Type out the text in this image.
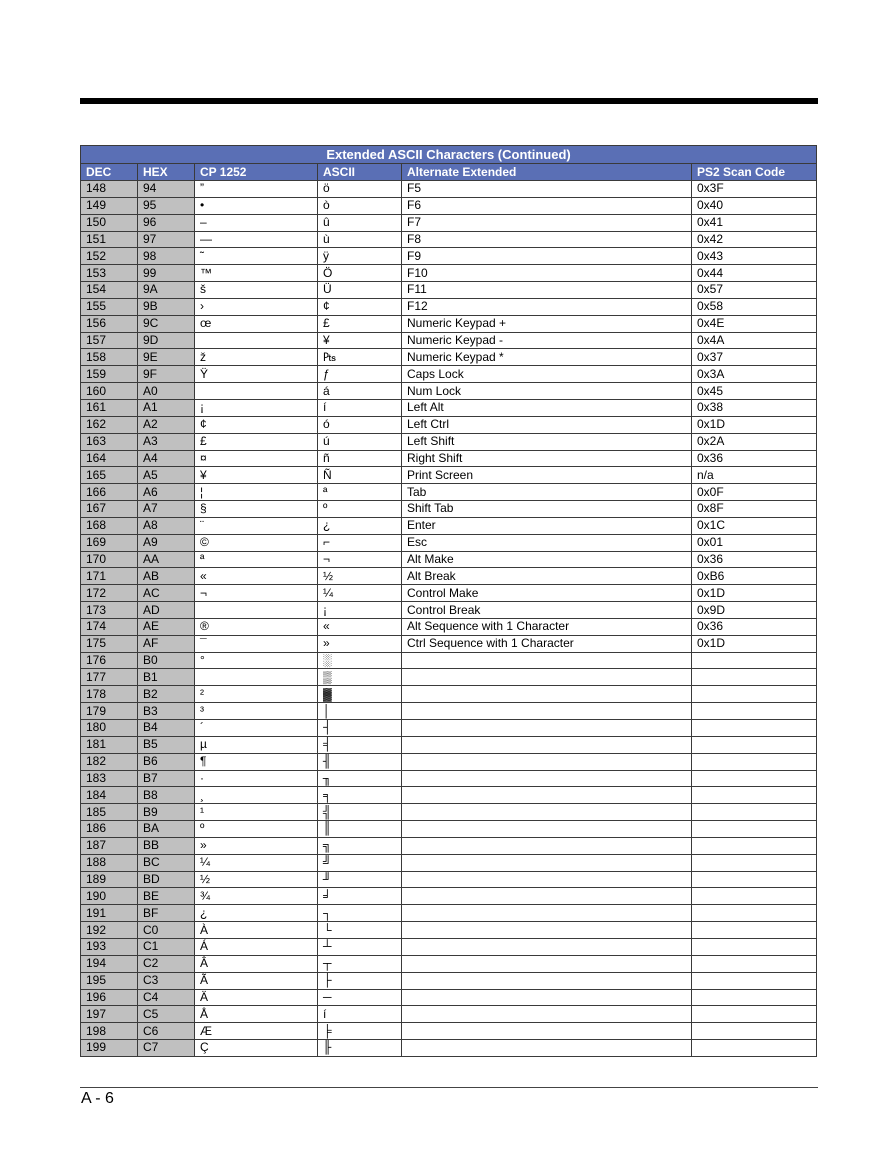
Extended ASCII Characters (Continued)					
DEC	HEX	CP 1252	ASCII	Alternate Extended	PS2 Scan Code
148	94	”	ö	F5	0x3F
149	95	•	ò	F6	0x40
150	96	–	û	F7	0x41
151	97	—	ù	F8	0x42
152	98	˜	ÿ	F9	0x43
153	99	™	Ö	F10	0x44
154	9A	š	Ü	F11	0x57
155	9B	›	¢	F12	0x58
156	9C	œ	£	Numeric Keypad +	0x4E
157	9D		¥	Numeric Keypad -	0x4A
158	9E	ž	₧	Numeric Keypad *	0x37
159	9F	Ÿ	ƒ	Caps Lock	0x3A
160	A0		á	Num Lock	0x45
161	A1	¡	í	Left Alt	0x38
162	A2	¢	ó	Left Ctrl	0x1D
163	A3	£	ú	Left Shift	0x2A
164	A4	¤	ñ	Right Shift	0x36
165	A5	¥	Ñ	Print Screen	n/a
166	A6	¦	ª	Tab	0x0F
167	A7	§	º	Shift Tab	0x8F
168	A8	¨	¿	Enter	0x1C
169	A9	©	⌐	Esc	0x01
170	AA	ª	¬	Alt Make	0x36
171	AB	«	½	Alt Break	0xB6
172	AC	¬	¼	Control Make	0x1D
173	AD		¡	Control Break	0x9D
174	AE	®	«	Alt Sequence with 1 Character	0x36
175	AF	¯	»	Ctrl Sequence with 1 Character	0x1D
176	B0	°	░		
177	B1		▒		
178	B2	²	▓		
179	B3	³	│		
180	B4	´	┤		
181	B5	µ	╡		
182	B6	¶	╢		
183	B7	·	╖		
184	B8	¸	╕		
185	B9	¹	╣		
186	BA	º	║		
187	BB	»	╗		
188	BC	¼	╝		
189	BD	½	╜		
190	BE	¾	╛		
191	BF	¿	┐		
192	C0	À	└		
193	C1	Á	┴		
194	C2	Â	┬		
195	C3	Ã	├		
196	C4	Ä	─		
197	C5	Å	í		
198	C6	Æ	╞		
199	C7	Ç	╟		
A - 6
